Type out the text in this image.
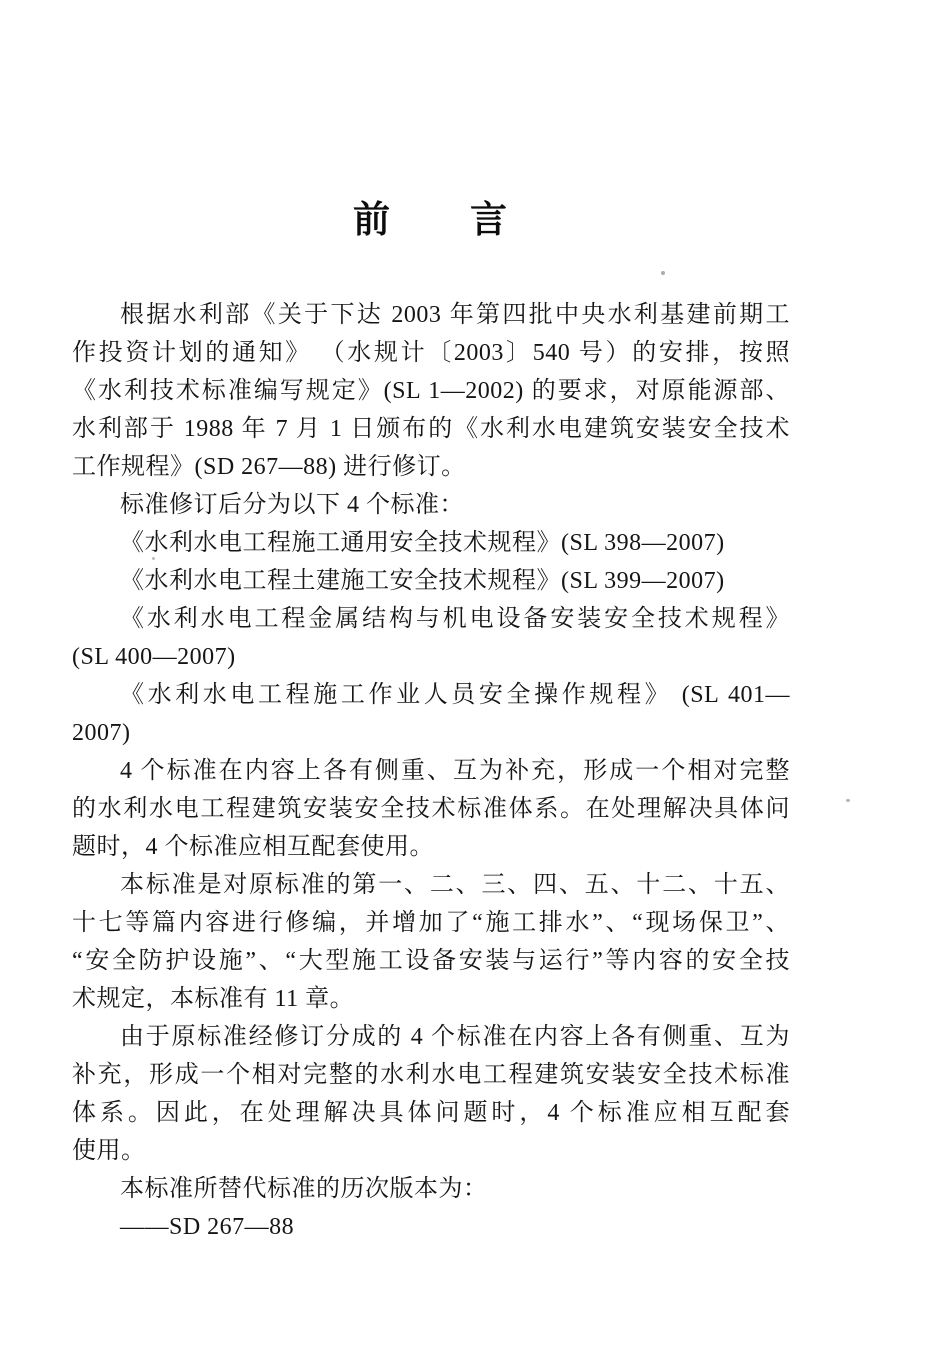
前　　言
根据水利部《关于下达 2003 年第四批中央水利基建前期工
作投资计划的通知》 （水规计〔2003〕540 号）的安排，按照
《水利技术标准编写规定》(SL 1—2002) 的要求，对原能源部、
水利部于 1988 年 7 月 1 日颁布的《水利水电建筑安装安全技术
工作规程》(SD 267—88) 进行修订。
标准修订后分为以下 4 个标准：
《水利水电工程施工通用安全技术规程》(SL 398—2007)
《水利水电工程土建施工安全技术规程》(SL 399—2007)
《水利水电工程金属结构与机电设备安装安全技术规程》
(SL 400—2007)
《水利水电工程施工作业人员安全操作规程》 (SL 401—
2007)
4 个标准在内容上各有侧重、互为补充，形成一个相对完整
的水利水电工程建筑安装安全技术标准体系。在处理解决具体问
题时，4 个标准应相互配套使用。
本标准是对原标准的第一、二、三、四、五、十二、十五、
十七等篇内容进行修编，并增加了“施工排水”、“现场保卫”、
“安全防护设施”、“大型施工设备安装与运行”等内容的安全技
术规定，本标准有 11 章。
由于原标准经修订分成的 4 个标准在内容上各有侧重、互为
补充，形成一个相对完整的水利水电工程建筑安装安全技术标准
体系。因此，在处理解决具体问题时，4 个标准应相互配套
使用。
本标准所替代标准的历次版本为：
——SD 267—88
